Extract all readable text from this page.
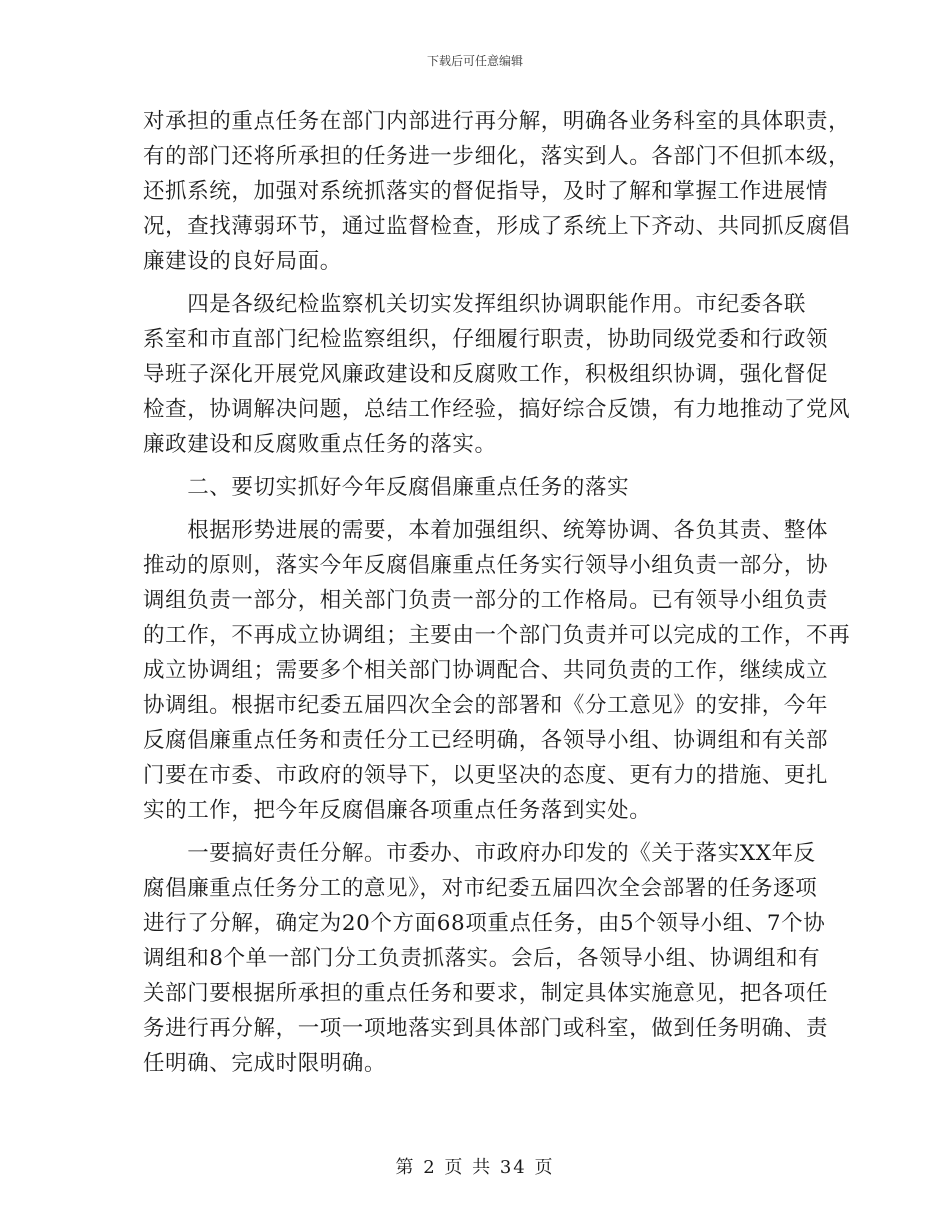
下载后可任意编辑
对承担的重点任务在部门内部进行再分解，明确各业务科室的具体职责，
有的部门还将所承担的任务进一步细化，落实到人。各部门不但抓本级，
还抓系统，加强对系统抓落实的督促指导，及时了解和掌握工作进展情
况，查找薄弱环节，通过监督检查，形成了系统上下齐动、共同抓反腐倡
廉建设的良好局面。
　　四是各级纪检监察机关切实发挥组织协调职能作用。市纪委各联
系室和市直部门纪检监察组织，仔细履行职责，协助同级党委和行政领
导班子深化开展党风廉政建设和反腐败工作，积极组织协调，强化督促
检查，协调解决问题，总结工作经验，搞好综合反馈，有力地推动了党风
廉政建设和反腐败重点任务的落实。
　　二、要切实抓好今年反腐倡廉重点任务的落实
　　根据形势进展的需要，本着加强组织、统筹协调、各负其责、整体
推动的原则，落实今年反腐倡廉重点任务实行领导小组负责一部分，协
调组负责一部分，相关部门负责一部分的工作格局。已有领导小组负责
的工作，不再成立协调组；主要由一个部门负责并可以完成的工作，不再
成立协调组；需要多个相关部门协调配合、共同负责的工作，继续成立
协调组。根据市纪委五届四次全会的部署和《分工意见》的安排，今年
反腐倡廉重点任务和责任分工已经明确，各领导小组、协调组和有关部
门要在市委、市政府的领导下，以更坚决的态度、更有力的措施、更扎
实的工作，把今年反腐倡廉各项重点任务落到实处。
　　一要搞好责任分解。市委办、市政府办印发的《关于落实XX年反
腐倡廉重点任务分工的意见》，对市纪委五届四次全会部署的任务逐项
进行了分解，确定为20个方面68项重点任务，由5个领导小组、7个协
调组和8个单一部门分工负责抓落实。会后，各领导小组、协调组和有
关部门要根据所承担的重点任务和要求，制定具体实施意见，把各项任
务进行再分解，一项一项地落实到具体部门或科室，做到任务明确、责
任明确、完成时限明确。
第 2 页 共 34 页
